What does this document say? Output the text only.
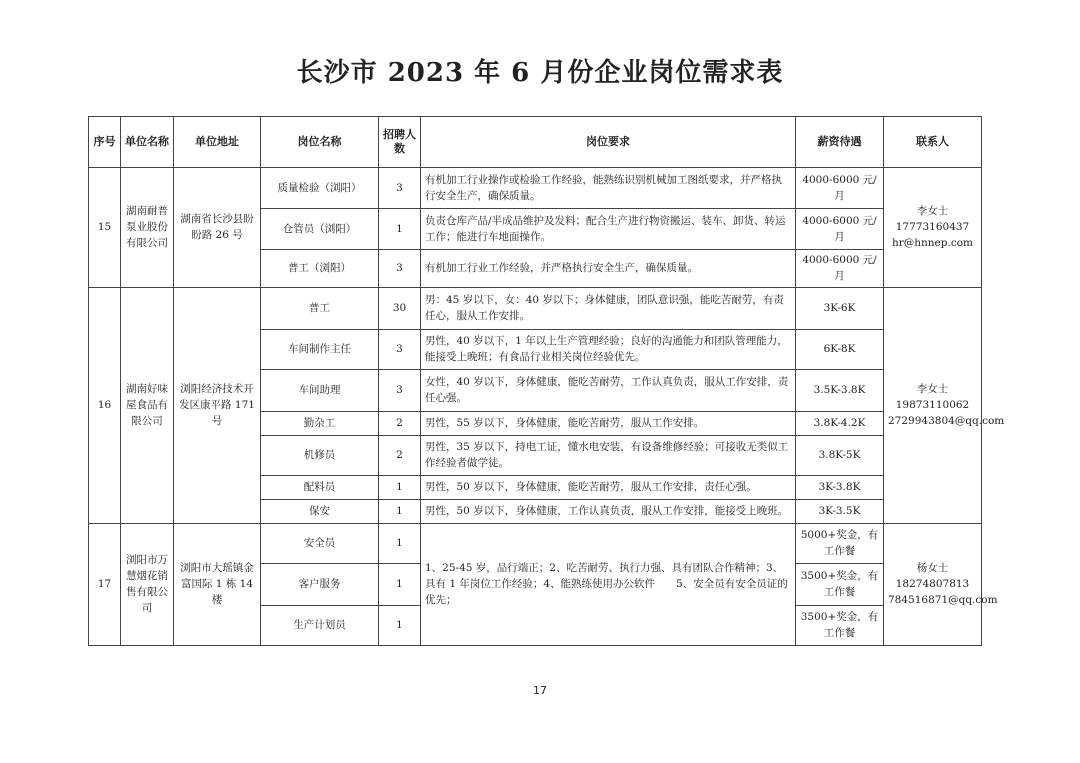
长沙市 2023 年 6 月份企业岗位需求表
序号	单位名称	单位地址	岗位名称	招聘人数	岗位要求	薪资待遇	联系人
15	湖南耐普泵业股份有限公司	湖南省长沙县盼盼路 26 号	质量检验（浏阳）	3	有机加工行业操作或检验工作经验，能熟练识别机械加工图纸要求，并严格执行安全生产，确保质量。	4000-6000 元/月	李女士
17773160437
hr@hnnep.com

			仓管员（浏阳）	1	负责仓库产品/半成品维护及发料；配合生产进行物资搬运、装车、卸货、转运工作；能进行车地面操作。	4000-6000 元/月	
			普工（浏阳）	3	有机加工行业工作经验，并严格执行安全生产，确保质量。	4000-6000 元/月	
16	湖南好味屋食品有限公司	浏阳经济技术开发区康平路 171 号	普工	30	男：45 岁以下，女：40 岁以下；身体健康，团队意识强，能吃苦耐劳，有责任心，服从工作安排。	3K-6K	李女士
19873110062
2729943804@qq.com

			车间制作主任	3	男性，40 岁以下，1 年以上生产管理经验；良好的沟通能力和团队管理能力，能接受上晚班；有食品行业相关岗位经验优先。	6K-8K	
			车间助理	3	女性，40 岁以下，身体健康，能吃苦耐劳，工作认真负责，服从工作安排，责任心强。	3.5K-3.8K	
			勤杂工	2	男性，55 岁以下，身体健康，能吃苦耐劳，服从工作安排。	3.8K-4.2K	
			机修员	2	男性，35 岁以下，持电工证，懂水电安装，有设备维修经验；可接收无类似工作经验者做学徒。	3.8K-5K	
			配料员	1	男性，50 岁以下，身体健康，能吃苦耐劳，服从工作安排，责任心强。	3K-3.8K	
			保安	1	男性，50 岁以下，身体健康，工作认真负责，服从工作安排，能接受上晚班。	3K-3.5K	
17	浏阳市万慧烟花销售有限公司	浏阳市大瑶镇金富国际 1 栋 14 楼	安全员	1	1、25-45 岁，品行端正；2、吃苦耐劳、执行力强、具有团队合作精神；3、具有 1 年岗位工作经验；4、能熟练使用办公软件　　5、安全员有安全员证的优先；	5000+奖金，有工作餐	杨女士
18274807813
784516871@qq.com

			客户服务	1		3500+奖金，有工作餐	
			生产计划员	1		3500+奖金，有工作餐	
17
